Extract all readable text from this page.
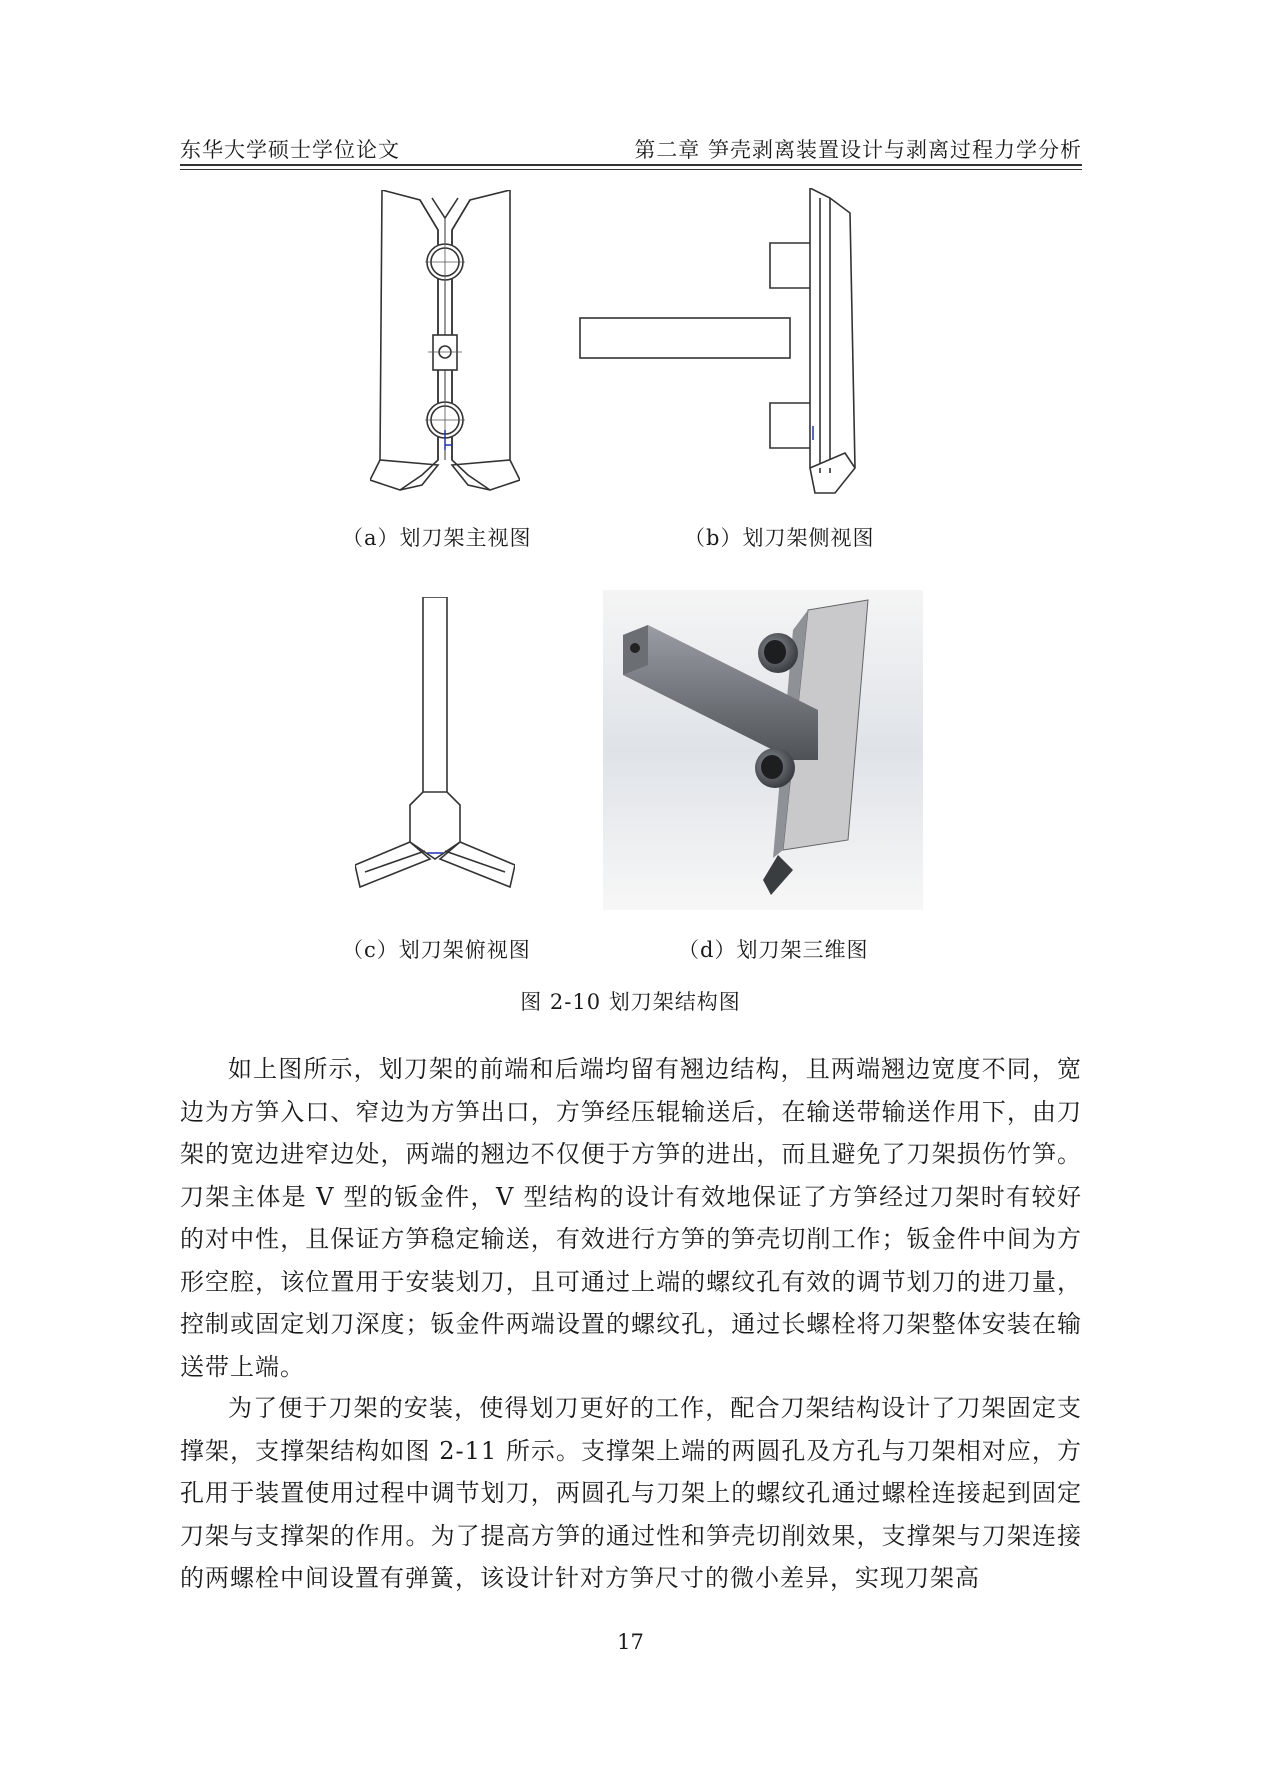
东华大学硕士学位论文	第二章 笋壳剥离装置设计与剥离过程力学分析
（a）划刀架主视图	（b）划刀架侧视图
（c）划刀架俯视图	（d）划刀架三维图
图 2-10 划刀架结构图
如上图所示，划刀架的前端和后端均留有翘边结构，且两端翘边宽度不同，宽边为方笋入口、窄边为方笋出口，方笋经压辊输送后，在输送带输送作用下，由刀架的宽边进窄边处，两端的翘边不仅便于方笋的进出，而且避免了刀架损伤竹笋。刀架主体是 V 型的钣金件，V 型结构的设计有效地保证了方笋经过刀架时有较好的对中性，且保证方笋稳定输送，有效进行方笋的笋壳切削工作；钣金件中间为方形空腔，该位置用于安装划刀，且可通过上端的螺纹孔有效的调节划刀的进刀量，控制或固定划刀深度；钣金件两端设置的螺纹孔，通过长螺栓将刀架整体安装在输送带上端。
为了便于刀架的安装，使得划刀更好的工作，配合刀架结构设计了刀架固定支撑架，支撑架结构如图 2-11 所示。支撑架上端的两圆孔及方孔与刀架相对应，方孔用于装置使用过程中调节划刀，两圆孔与刀架上的螺纹孔通过螺栓连接起到固定刀架与支撑架的作用。为了提高方笋的通过性和笋壳切削效果，支撑架与刀架连接的两螺栓中间设置有弹簧，该设计针对方笋尺寸的微小差异，实现刀架高
17
